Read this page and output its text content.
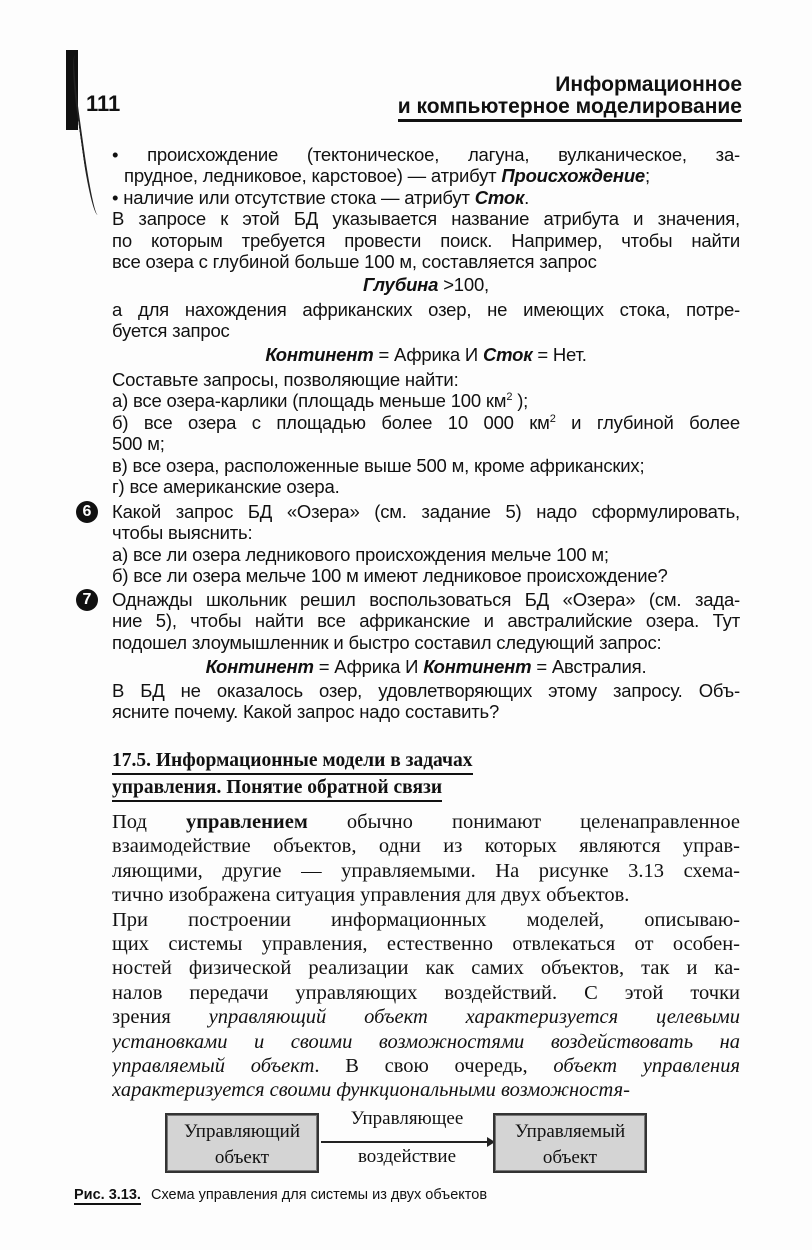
111
Информационное
и компьютерное моделирование
• происхождение (тектоническое, лагуна, вулканическое, за-
прудное, ледниковое, карстовое) — атрибут Происхождение;
• наличие или отсутствие стока — атрибут Сток.
В запросе к этой БД указывается название атрибута и значения,
по которым требуется провести поиск. Например, чтобы найти
все озера с глубиной больше 100 м, составляется запрос
Глубина >100,
а для нахождения африканских озер, не имеющих стока, потре-
буется запрос
Континент = Африка И Сток = Нет.
Составьте запросы, позволяющие найти:
а) все озера-карлики (площадь меньше 100 $км^2$ );
б) все озера с площадью более 10 000 $км^2$ и глубиной более
500 м;
в) все озера, расположенные выше 500 м, кроме африканских;
г) все американские озера.
6	Какой запрос БД «Озера» (см. задание 5) надо сформулировать,
чтобы выяснить:
а) все ли озера ледникового происхождения мельче 100 м;
б) все ли озера мельче 100 м имеют ледниковое происхождение?
7	Однажды школьник решил воспользоваться БД «Озера» (см. зада-
ние 5), чтобы найти все африканские и австралийские озера. Тут
подошел злоумышленник и быстро составил следующий запрос:
Континент = Африка И Континент = Австралия.
В БД не оказалось озер, удовлетворяющих этому запросу. Объ-
ясните почему. Какой запрос надо составить?
17.5. Информационные модели в задачах
управления. Понятие обратной связи
Под управлением обычно понимают целенаправленное
взаимодействие объектов, одни из которых являются управ-
ляющими, другие — управляемыми. На рисунке 3.13 схема-
тично изображена ситуация управления для двух объектов.
При построении информационных моделей, описываю-
щих системы управления, естественно отвлекаться от особен-
ностей физической реализации как самих объектов, так и ка-
налов передачи управляющих воздействий. С этой точки
зрения управляющий объект характеризуется целевыми
установками и своими возможностями воздействовать на
управляемый объект. В свою очередь, объект управления
характеризуется своими функциональными возможностя-
Управляющий
объект
Управляющее
воздействие
Управляемый
объект
Рис. 3.13. Схема управления для системы из двух объектов
